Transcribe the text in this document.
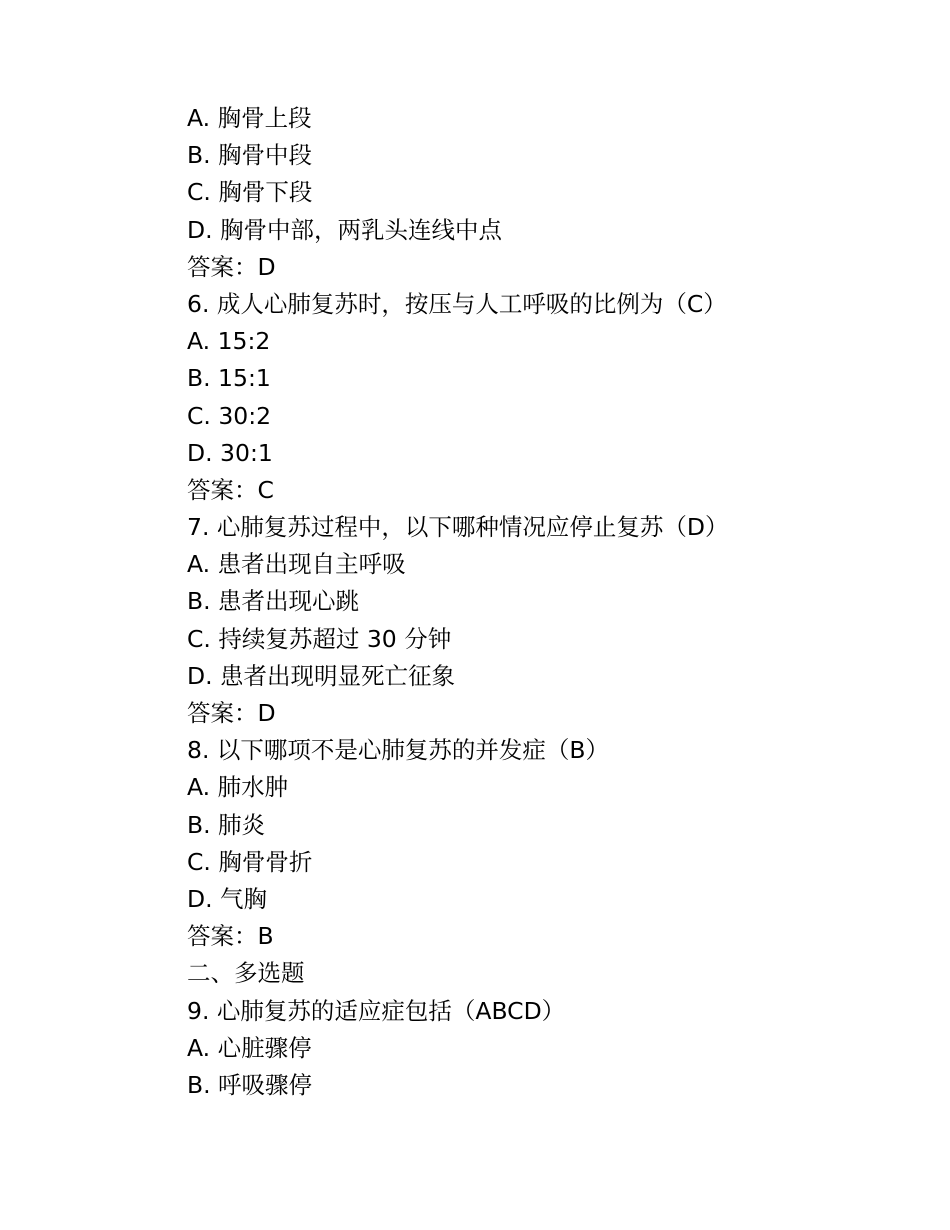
A. 胸骨上段

B. 胸骨中段

C. 胸骨下段

D. 胸骨中部，两乳头连线中点

答案：D

6. 成人心肺复苏时，按压与人工呼吸的比例为（C）

A. 15:2

B. 15:1

C. 30:2

D. 30:1

答案：C

7. 心肺复苏过程中，以下哪种情况应停止复苏（D）

A. 患者出现自主呼吸

B. 患者出现心跳

C. 持续复苏超过 30 分钟

D. 患者出现明显死亡征象

答案：D

8. 以下哪项不是心肺复苏的并发症（B）

A. 肺水肿

B. 肺炎

C. 胸骨骨折

D. 气胸

答案：B

二、多选题

9. 心肺复苏的适应症包括（ABCD）

A. 心脏骤停

B. 呼吸骤停
